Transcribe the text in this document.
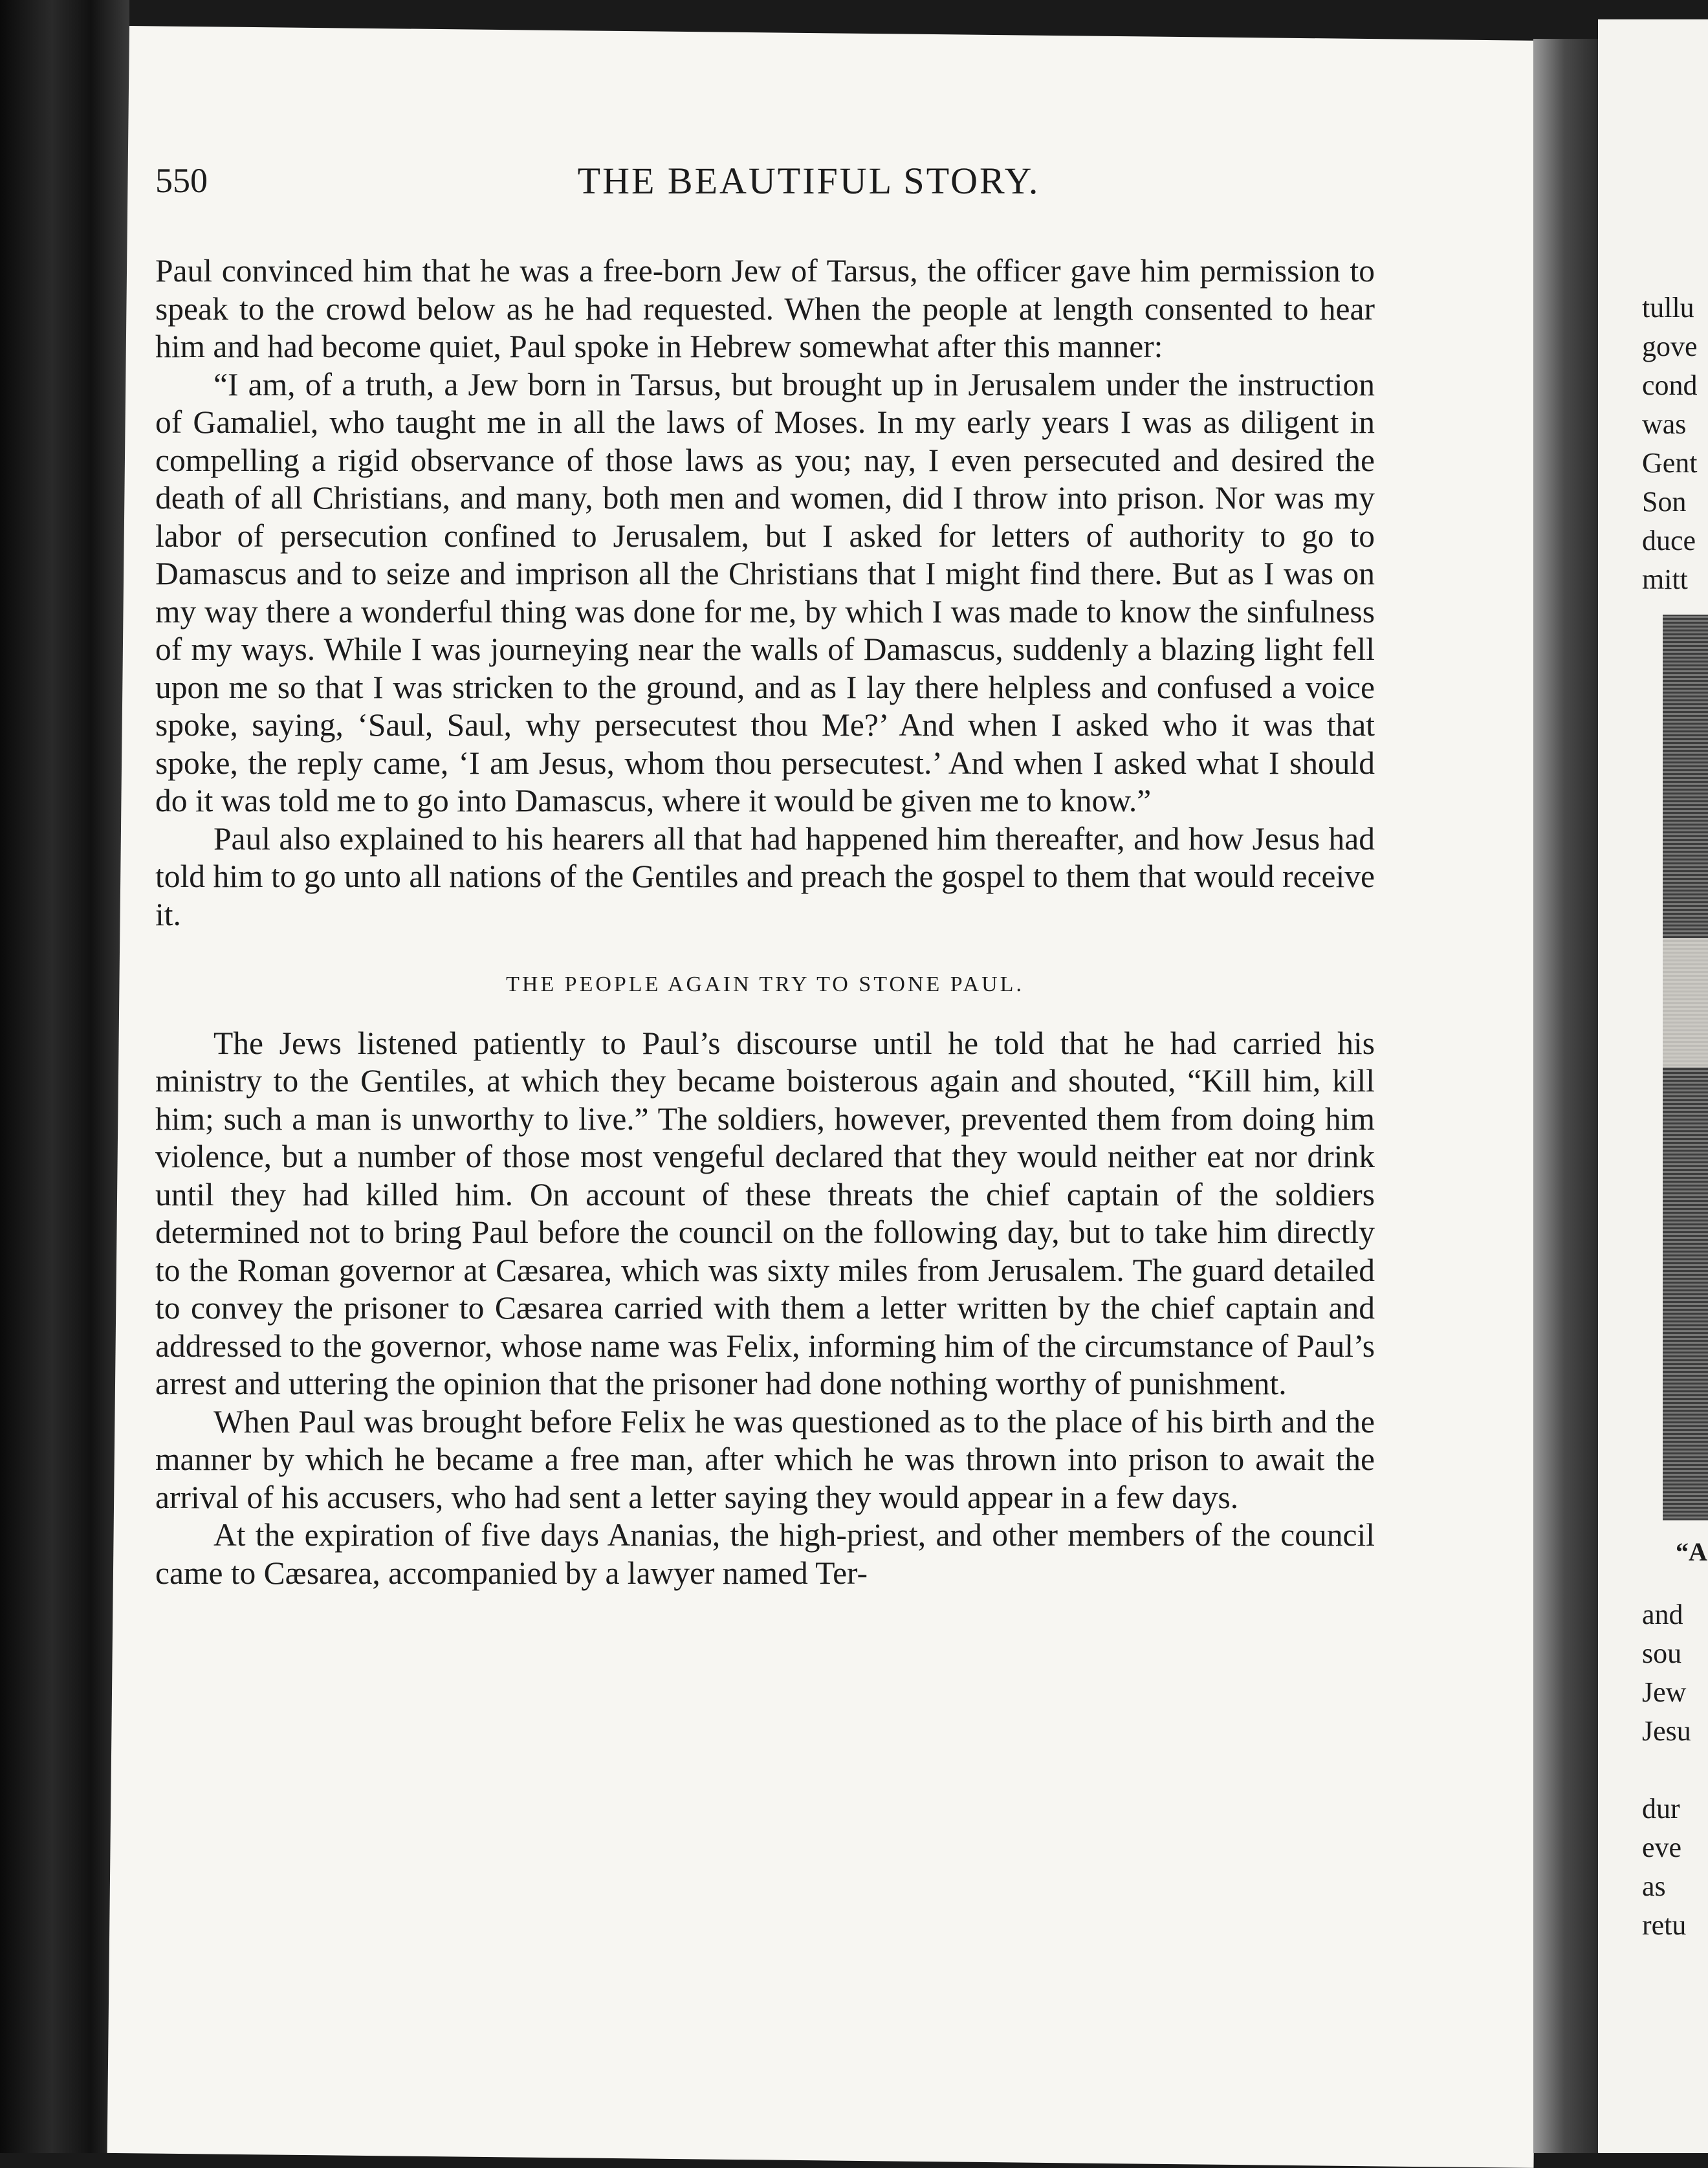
550	THE BEAUTIFUL STORY.

Paul convinced him that he was a free-born Jew of Tarsus, the officer gave him permission to speak to the crowd below as he had requested. When the people at length consented to hear him and had become quiet, Paul spoke in Hebrew somewhat after this manner:

“I am, of a truth, a Jew born in Tarsus, but brought up in Jerusalem under the instruction of Gamaliel, who taught me in all the laws of Moses. In my early years I was as diligent in compelling a rigid observance of those laws as you; nay, I even persecuted and desired the death of all Christians, and many, both men and women, did I throw into prison. Nor was my labor of persecution confined to Jerusalem, but I asked for letters of authority to go to Damascus and to seize and imprison all the Christians that I might find there. But as I was on my way there a wonderful thing was done for me, by which I was made to know the sinfulness of my ways. While I was journeying near the walls of Damascus, suddenly a blazing light fell upon me so that I was stricken to the ground, and as I lay there helpless and confused a voice spoke, saying, ‘Saul, Saul, why persecutest thou Me?’ And when I asked who it was that spoke, the reply came, ‘I am Jesus, whom thou persecutest.’ And when I asked what I should do it was told me to go into Damascus, where it would be given me to know.”

Paul also explained to his hearers all that had happened him thereafter, and how Jesus had told him to go unto all nations of the Gentiles and preach the gospel to them that would receive it.

THE PEOPLE AGAIN TRY TO STONE PAUL.

The Jews listened patiently to Paul’s discourse until he told that he had carried his ministry to the Gentiles, at which they became boisterous again and shouted, “Kill him, kill him; such a man is unworthy to live.” The soldiers, however, prevented them from doing him violence, but a number of those most vengeful declared that they would neither eat nor drink until they had killed him. On account of these threats the chief captain of the soldiers determined not to bring Paul before the council on the following day, but to take him directly to the Roman governor at Cæsarea, which was sixty miles from Jerusalem. The guard detailed to convey the prisoner to Cæsarea carried with them a letter written by the chief captain and addressed to the governor, whose name was Felix, informing him of the circumstance of Paul’s arrest and uttering the opinion that the prisoner had done nothing worthy of punishment.

When Paul was brought before Felix he was questioned as to the place of his birth and the manner by which he became a free man, after which he was thrown into prison to await the arrival of his accusers, who had sent a letter saying they would appear in a few days.

At the expiration of five days Ananias, the high-priest, and other members of the council came to Cæsarea, accompanied by a lawyer named Ter-

tullu
gove
cond
was
Gent
Son
duce
mitt
“A
and
sou
Jew
Jesu
dur
eve
as
retu
